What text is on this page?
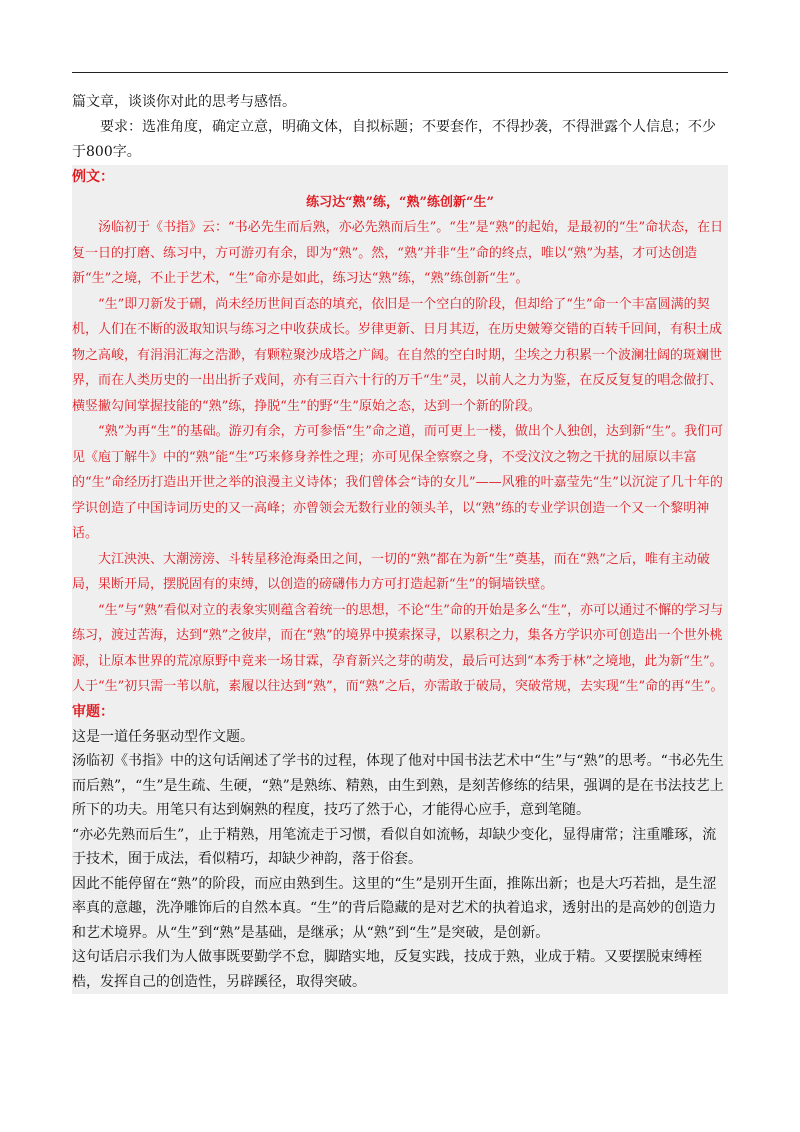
篇文章，谈谈你对此的思考与感悟。

要求：选准角度，确定立意，明确文体，自拟标题；不要套作，不得抄袭，不得泄露个人信息；不少于800字。

例文：

练习达“熟”练，“熟”练创新“生”

汤临初于《书指》云：“书必先生而后熟，亦必先熟而后生”。“生”是“熟”的起始，是最初的“生”命状态，在日复一日的打磨、练习中，方可游刃有余，即为“熟”。然，“熟”并非“生”命的终点，唯以“熟”为基，才可达创造新“生”之境，不止于艺术，“生”命亦是如此，练习达“熟”练，“熟”练创新“生”。

“生”即刀新发于硎，尚未经历世间百态的填充，依旧是一个空白的阶段，但却给了“生”命一个丰富圆满的契机，人们在不断的汲取知识与练习之中收获成长。岁律更新、日月其迈，在历史皴筹交错的百转千回间，有积土成物之高峻，有涓涓汇海之浩渺，有颗粒聚沙成塔之广阔。在自然的空白时期，尘埃之力积累一个波澜壮阔的斑斓世界，而在人类历史的一出出折子戏间，亦有三百六十行的万千“生”灵，以前人之力为鉴，在反反复复的唱念做打、横竖撇勾间掌握技能的“熟”练，挣脱“生”的野“生”原始之态，达到一个新的阶段。

“熟”为再“生”的基础。游刃有余，方可参悟“生”命之道，而可更上一楼，做出个人独创，达到新“生”。我们可见《庖丁解牛》中的“熟”能“生”巧来修身养性之理；亦可见保全察察之身，不受汶汶之物之干扰的屈原以丰富的“生”命经历打造出开世之举的浪漫主义诗体；我们曾体会“诗的女儿”——风雅的叶嘉莹先“生”以沉淀了几十年的学识创造了中国诗词历史的又一高峰；亦曾领会无数行业的领头羊，以“熟”练的专业学识创造一个又一个黎明神话。

大江泱泱、大潮滂滂、斗转星移沧海桑田之间，一切的“熟”都在为新“生”奠基，而在“熟”之后，唯有主动破局，果断开局，摆脱固有的束缚，以创造的磅礴伟力方可打造起新“生”的铜墙铁壁。

“生”与“熟”看似对立的表象实则蕴含着统一的思想，不论“生”命的开始是多么“生”，亦可以通过不懈的学习与练习，渡过苦海，达到“熟”之彼岸，而在“熟”的境界中摸索探寻，以累积之力，集各方学识亦可创造出一个世外桃源，让原本世界的荒凉原野中竟来一场甘霖，孕育新兴之芽的萌发，最后可达到“本秀于林”之境地，此为新“生”。人于“生”初只需一苇以航，素履以往达到“熟”，而“熟”之后，亦需敢于破局，突破常规，去实现“生”命的再“生”。

审题：

这是一道任务驱动型作文题。

汤临初《书指》中的这句话阐述了学书的过程，体现了他对中国书法艺术中“生”与“熟”的思考。“书必先生而后熟”，“生”是生疏、生硬，“熟”是熟练、精熟，由生到熟，是刻苦修练的结果，强调的是在书法技艺上所下的功夫。用笔只有达到娴熟的程度，技巧了然于心，才能得心应手，意到笔随。

“亦必先熟而后生”，止于精熟，用笔流走于习惯，看似自如流畅，却缺少变化，显得庸常；注重雕琢，流于技术，囿于成法，看似精巧，却缺少神韵，落于俗套。

因此不能停留在“熟”的阶段，而应由熟到生。这里的“生”是别开生面，推陈出新；也是大巧若拙，是生涩率真的意趣，洗净雕饰后的自然本真。“生”的背后隐藏的是对艺术的执着追求，透射出的是高妙的创造力和艺术境界。从“生”到“熟”是基础，是继承；从“熟”到“生”是突破，是创新。

这句话启示我们为人做事既要勤学不怠，脚踏实地，反复实践，技成于熟，业成于精。又要摆脱束缚桎梏，发挥自己的创造性，另辟蹊径，取得突破。
